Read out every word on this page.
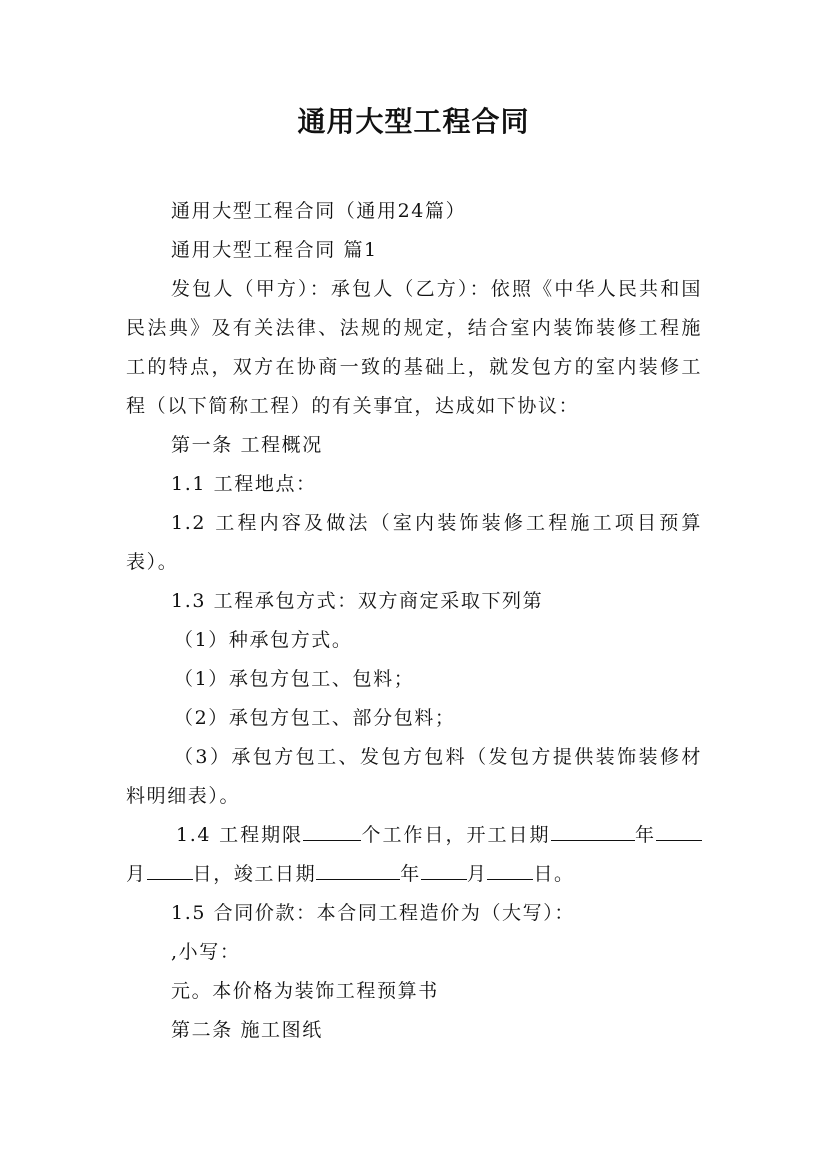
通用大型工程合同

通用大型工程合同（通用24篇）

通用大型工程合同 篇1

发包人（甲方）：承包人（乙方）：依照《中华人民共和国民法典》及有关法律、法规的规定，结合室内装饰装修工程施工的特点，双方在协商一致的基础上，就发包方的室内装修工程（以下简称工程）的有关事宜，达成如下协议：

第一条 工程概况

1.1 工程地点：

1.2 工程内容及做法（室内装饰装修工程施工项目预算表）。

1.3 工程承包方式：双方商定采取下列第

（1）种承包方式。

（1）承包方包工、包料；

（2）承包方包工、部分包料；

（3）承包方包工、发包方包料（发包方提供装饰装修材料明细表）。

1.4 工程期限	个工作日，开工日期	年月 日，竣工日期	年 月 日。

1.5 合同价款：本合同工程造价为（大写）：

,小写：

元。本价格为装饰工程预算书

第二条 施工图纸
